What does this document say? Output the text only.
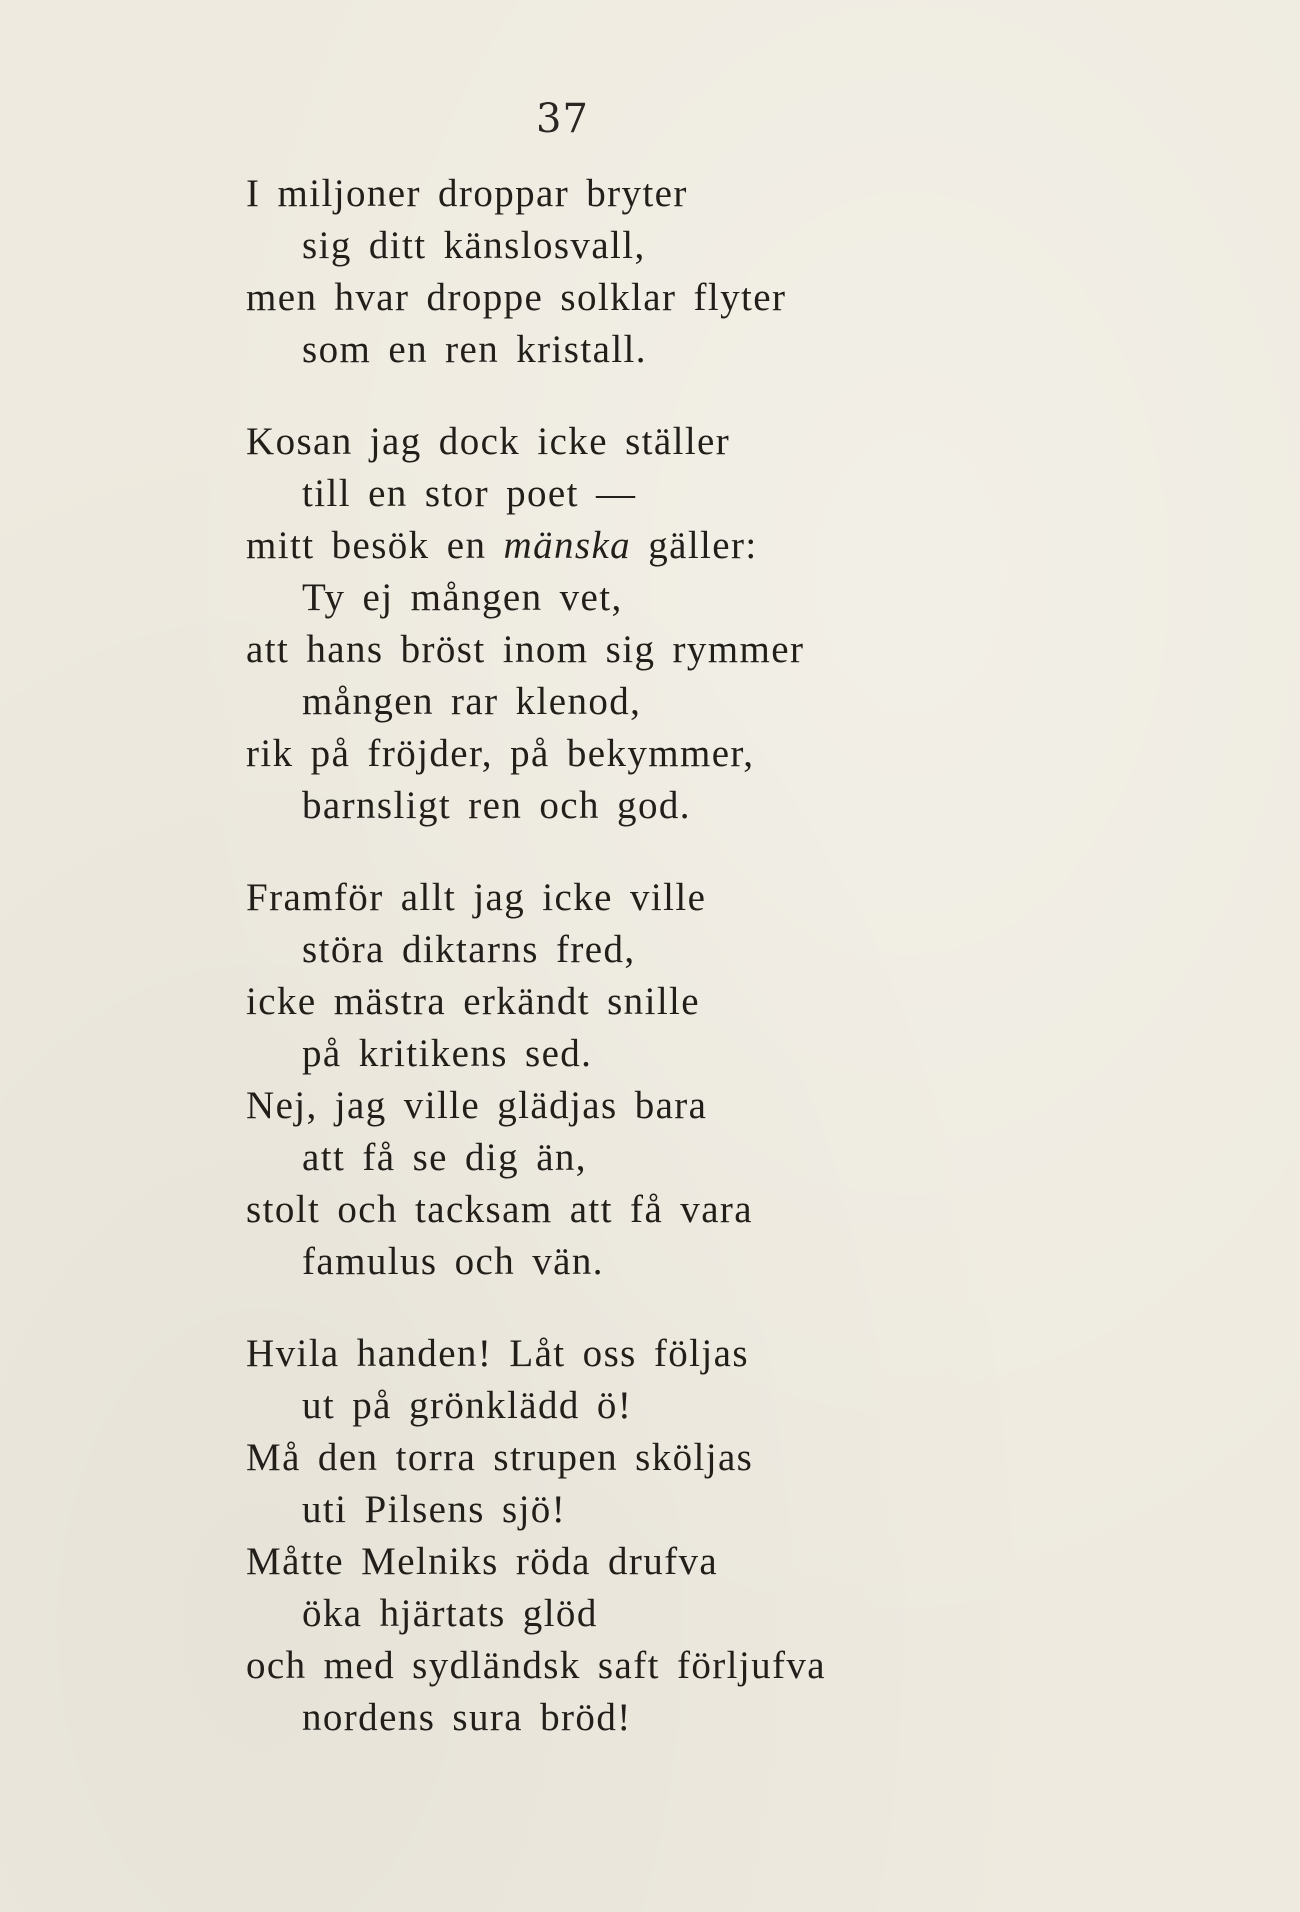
37

I miljoner droppar bryter
sig ditt känslosvall,
men hvar droppe solklar flyter
som en ren kristall.
Kosan jag dock icke ställer
till en stor poet —
mitt besök en mänska gäller:
Ty ej mången vet,
att hans bröst inom sig rymmer
mången rar klenod,
rik på fröjder, på bekymmer,
barnsligt ren och god.
Framför allt jag icke ville
störa diktarns fred,
icke mästra erkändt snille
på kritikens sed.
Nej, jag ville glädjas bara
att få se dig än,
stolt och tacksam att få vara
famulus och vän.
Hvila handen! Låt oss följas
ut på grönklädd ö!
Må den torra strupen sköljas
uti Pilsens sjö!
Måtte Melniks röda drufva
öka hjärtats glöd
och med sydländsk saft förljufva
nordens sura bröd!
